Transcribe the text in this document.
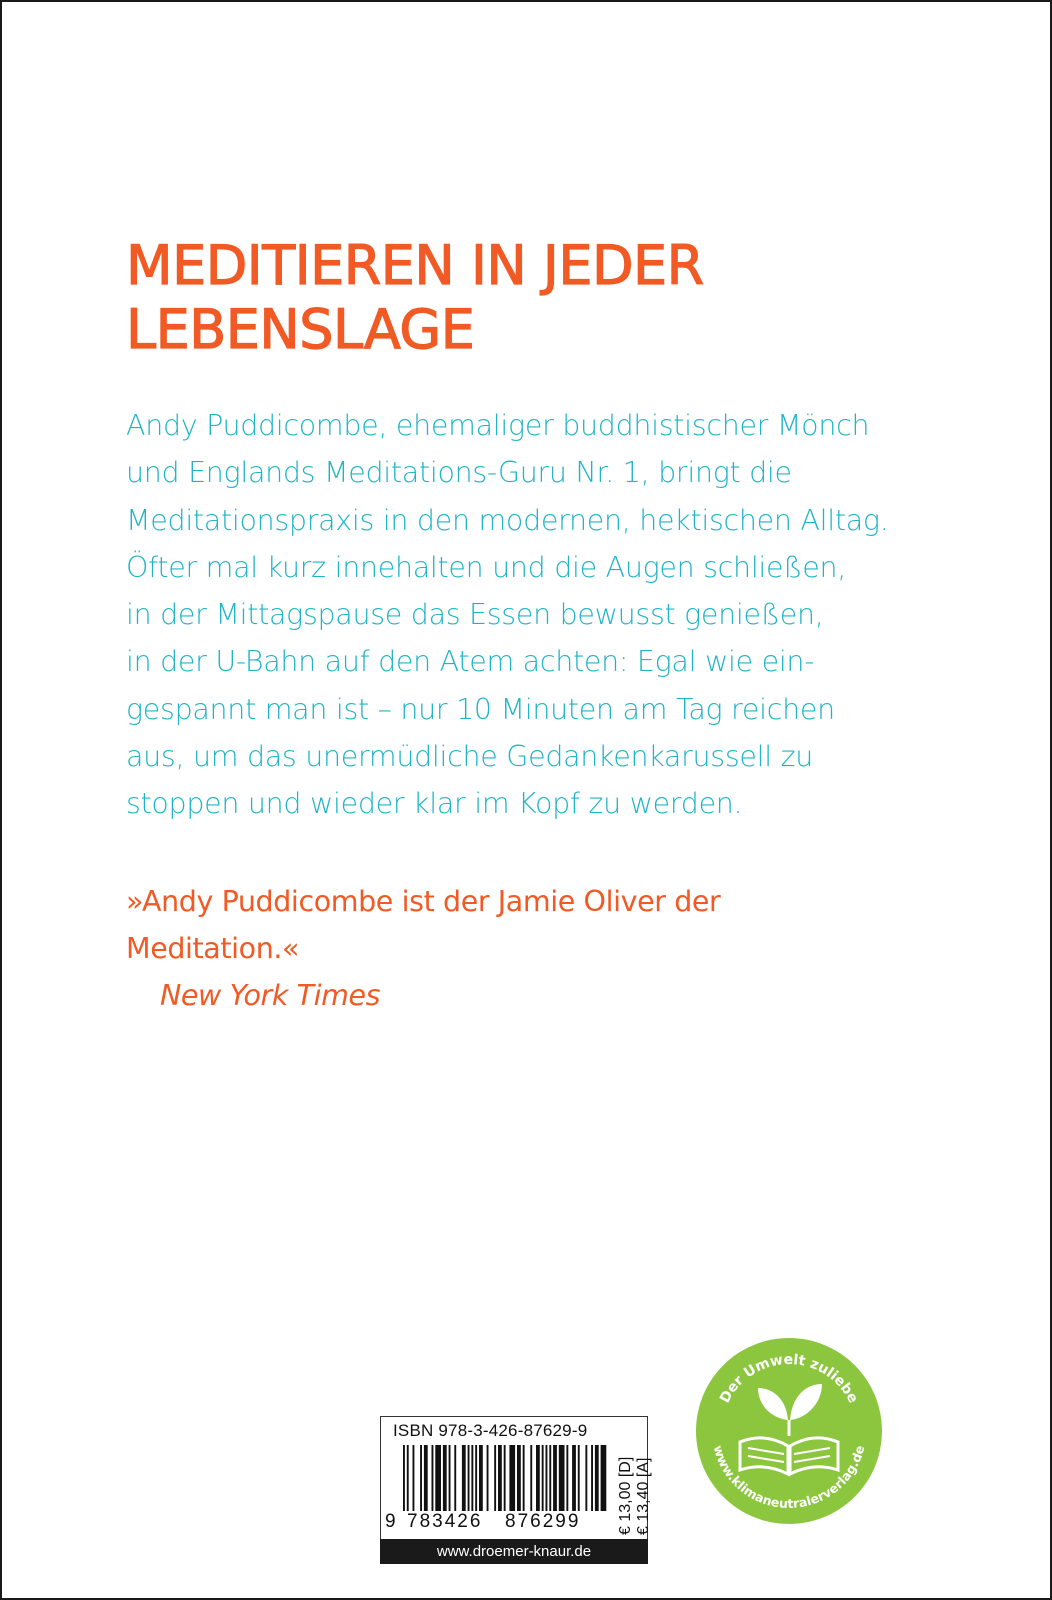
MEDITIEREN IN JEDER
LEBENSLAGE
Andy Puddicombe, ehemaliger buddhistischer Mönch
und Englands Meditations-Guru Nr. 1, bringt die
Meditationspraxis in den modernen, hektischen Alltag.
Öfter mal kurz innehalten und die Augen schließen,
in der Mittagspause das Essen bewusst genießen,
in der U-Bahn auf den Atem achten: Egal wie ein-
gespannt man ist – nur 10 Minuten am Tag reichen
aus, um das unermüdliche Gedankenkarussell zu
stoppen und wieder klar im Kopf zu werden.
»Andy Puddicombe ist der Jamie Oliver der
Meditation.«
New York Times
ISBN 978-3-426-87629-9
9 783426 876299 € 13,00 [D] € 13,40 [A]
www.droemer-knaur.de
Der Umwelt zuliebe
www.klimaneutralerverlag.de
